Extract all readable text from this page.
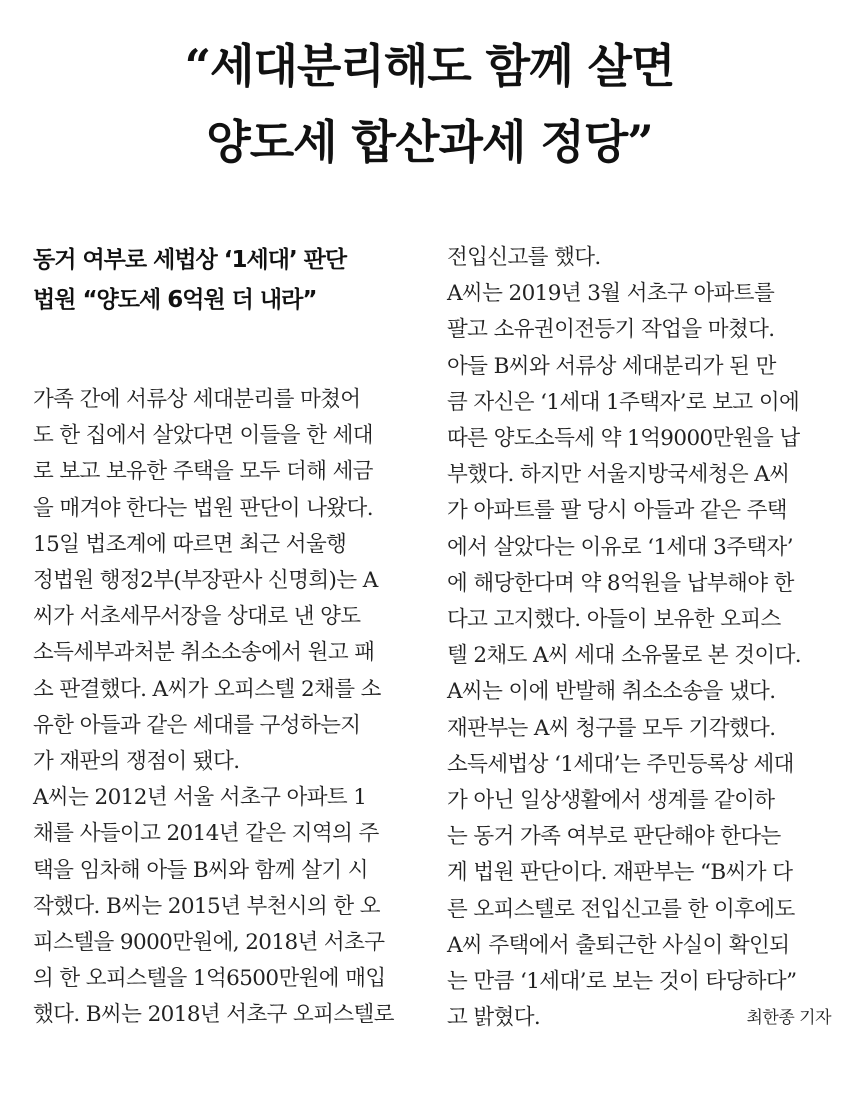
“세대분리해도 함께 살면
양도세 합산과세 정당”
동거 여부로 세법상 ‘1세대’ 판단
법원 “양도세 6억원 더 내라”
가족 간에 서류상 세대분리를 마쳤어
도 한 집에서 살았다면 이들을 한 세대
로 보고 보유한 주택을 모두 더해 세금
을 매겨야 한다는 법원 판단이 나왔다.
15일 법조계에 따르면 최근 서울행
정법원 행정2부(부장판사 신명희)는 A
씨가 서초세무서장을 상대로 낸 양도
소득세부과처분 취소소송에서 원고 패
소 판결했다. A씨가 오피스텔 2채를 소
유한 아들과 같은 세대를 구성하는지
가 재판의 쟁점이 됐다.
A씨는 2012년 서울 서초구 아파트 1
채를 사들이고 2014년 같은 지역의 주
택을 임차해 아들 B씨와 함께 살기 시
작했다. B씨는 2015년 부천시의 한 오
피스텔을 9000만원에, 2018년 서초구
의 한 오피스텔을 1억6500만원에 매입
했다. B씨는 2018년 서초구 오피스텔로
전입신고를 했다.
A씨는 2019년 3월 서초구 아파트를
팔고 소유권이전등기 작업을 마쳤다.
아들 B씨와 서류상 세대분리가 된 만
큼 자신은 ‘1세대 1주택자’로 보고 이에
따른 양도소득세 약 1억9000만원을 납
부했다. 하지만 서울지방국세청은 A씨
가 아파트를 팔 당시 아들과 같은 주택
에서 살았다는 이유로 ‘1세대 3주택자’
에 해당한다며 약 8억원을 납부해야 한
다고 고지했다. 아들이 보유한 오피스
텔 2채도 A씨 세대 소유물로 본 것이다.
A씨는 이에 반발해 취소소송을 냈다.
재판부는 A씨 청구를 모두 기각했다.
소득세법상 ‘1세대’는 주민등록상 세대
가 아닌 일상생활에서 생계를 같이하
는 동거 가족 여부로 판단해야 한다는
게 법원 판단이다. 재판부는 “B씨가 다
른 오피스텔로 전입신고를 한 이후에도
A씨 주택에서 출퇴근한 사실이 확인되
는 만큼 ‘1세대’로 보는 것이 타당하다”
고 밝혔다.	최한종 기자
